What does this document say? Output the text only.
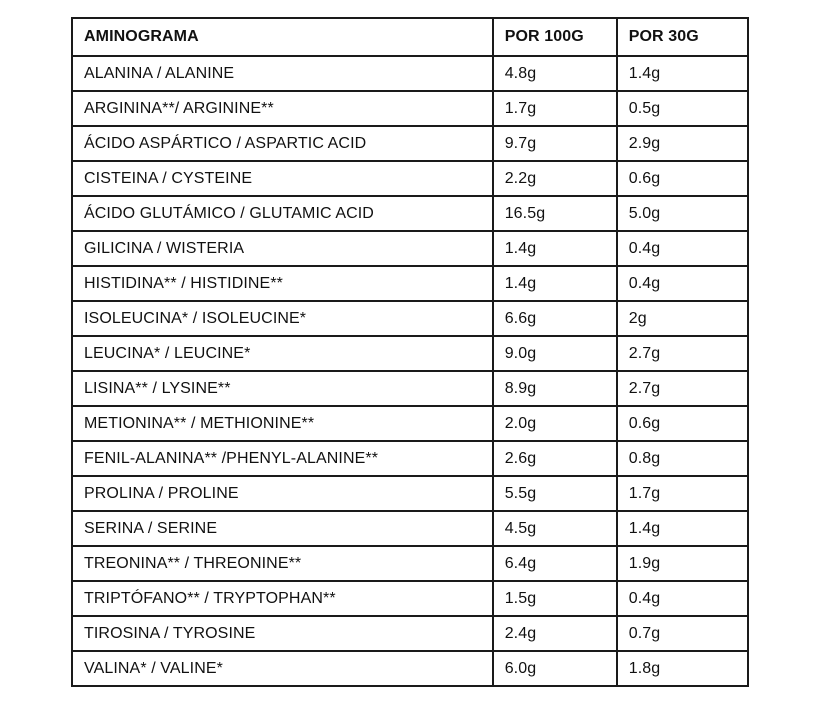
AMINOGRAMA	POR 100G	POR 30G
ALANINA / ALANINE	4.8g	1.4g
ARGININA**/ ARGININE**	1.7g	0.5g
ÁCIDO ASPÁRTICO / ASPARTIC ACID	9.7g	2.9g
CISTEINA / CYSTEINE	2.2g	0.6g
ÁCIDO GLUTÁMICO / GLUTAMIC ACID	16.5g	5.0g
GILICINA / WISTERIA	1.4g	0.4g
HISTIDINA** / HISTIDINE**	1.4g	0.4g
ISOLEUCINA* / ISOLEUCINE*	6.6g	2g
LEUCINA* / LEUCINE*	9.0g	2.7g
LISINA** / LYSINE**	8.9g	2.7g
METIONINA** / METHIONINE**	2.0g	0.6g
FENIL-ALANINA** /PHENYL-ALANINE**	2.6g	0.8g
PROLINA / PROLINE	5.5g	1.7g
SERINA / SERINE	4.5g	1.4g
TREONINA** / THREONINE**	6.4g	1.9g
TRIPTÓFANO** / TRYPTOPHAN**	1.5g	0.4g
TIROSINA / TYROSINE	2.4g	0.7g
VALINA* / VALINE*	6.0g	1.8g
